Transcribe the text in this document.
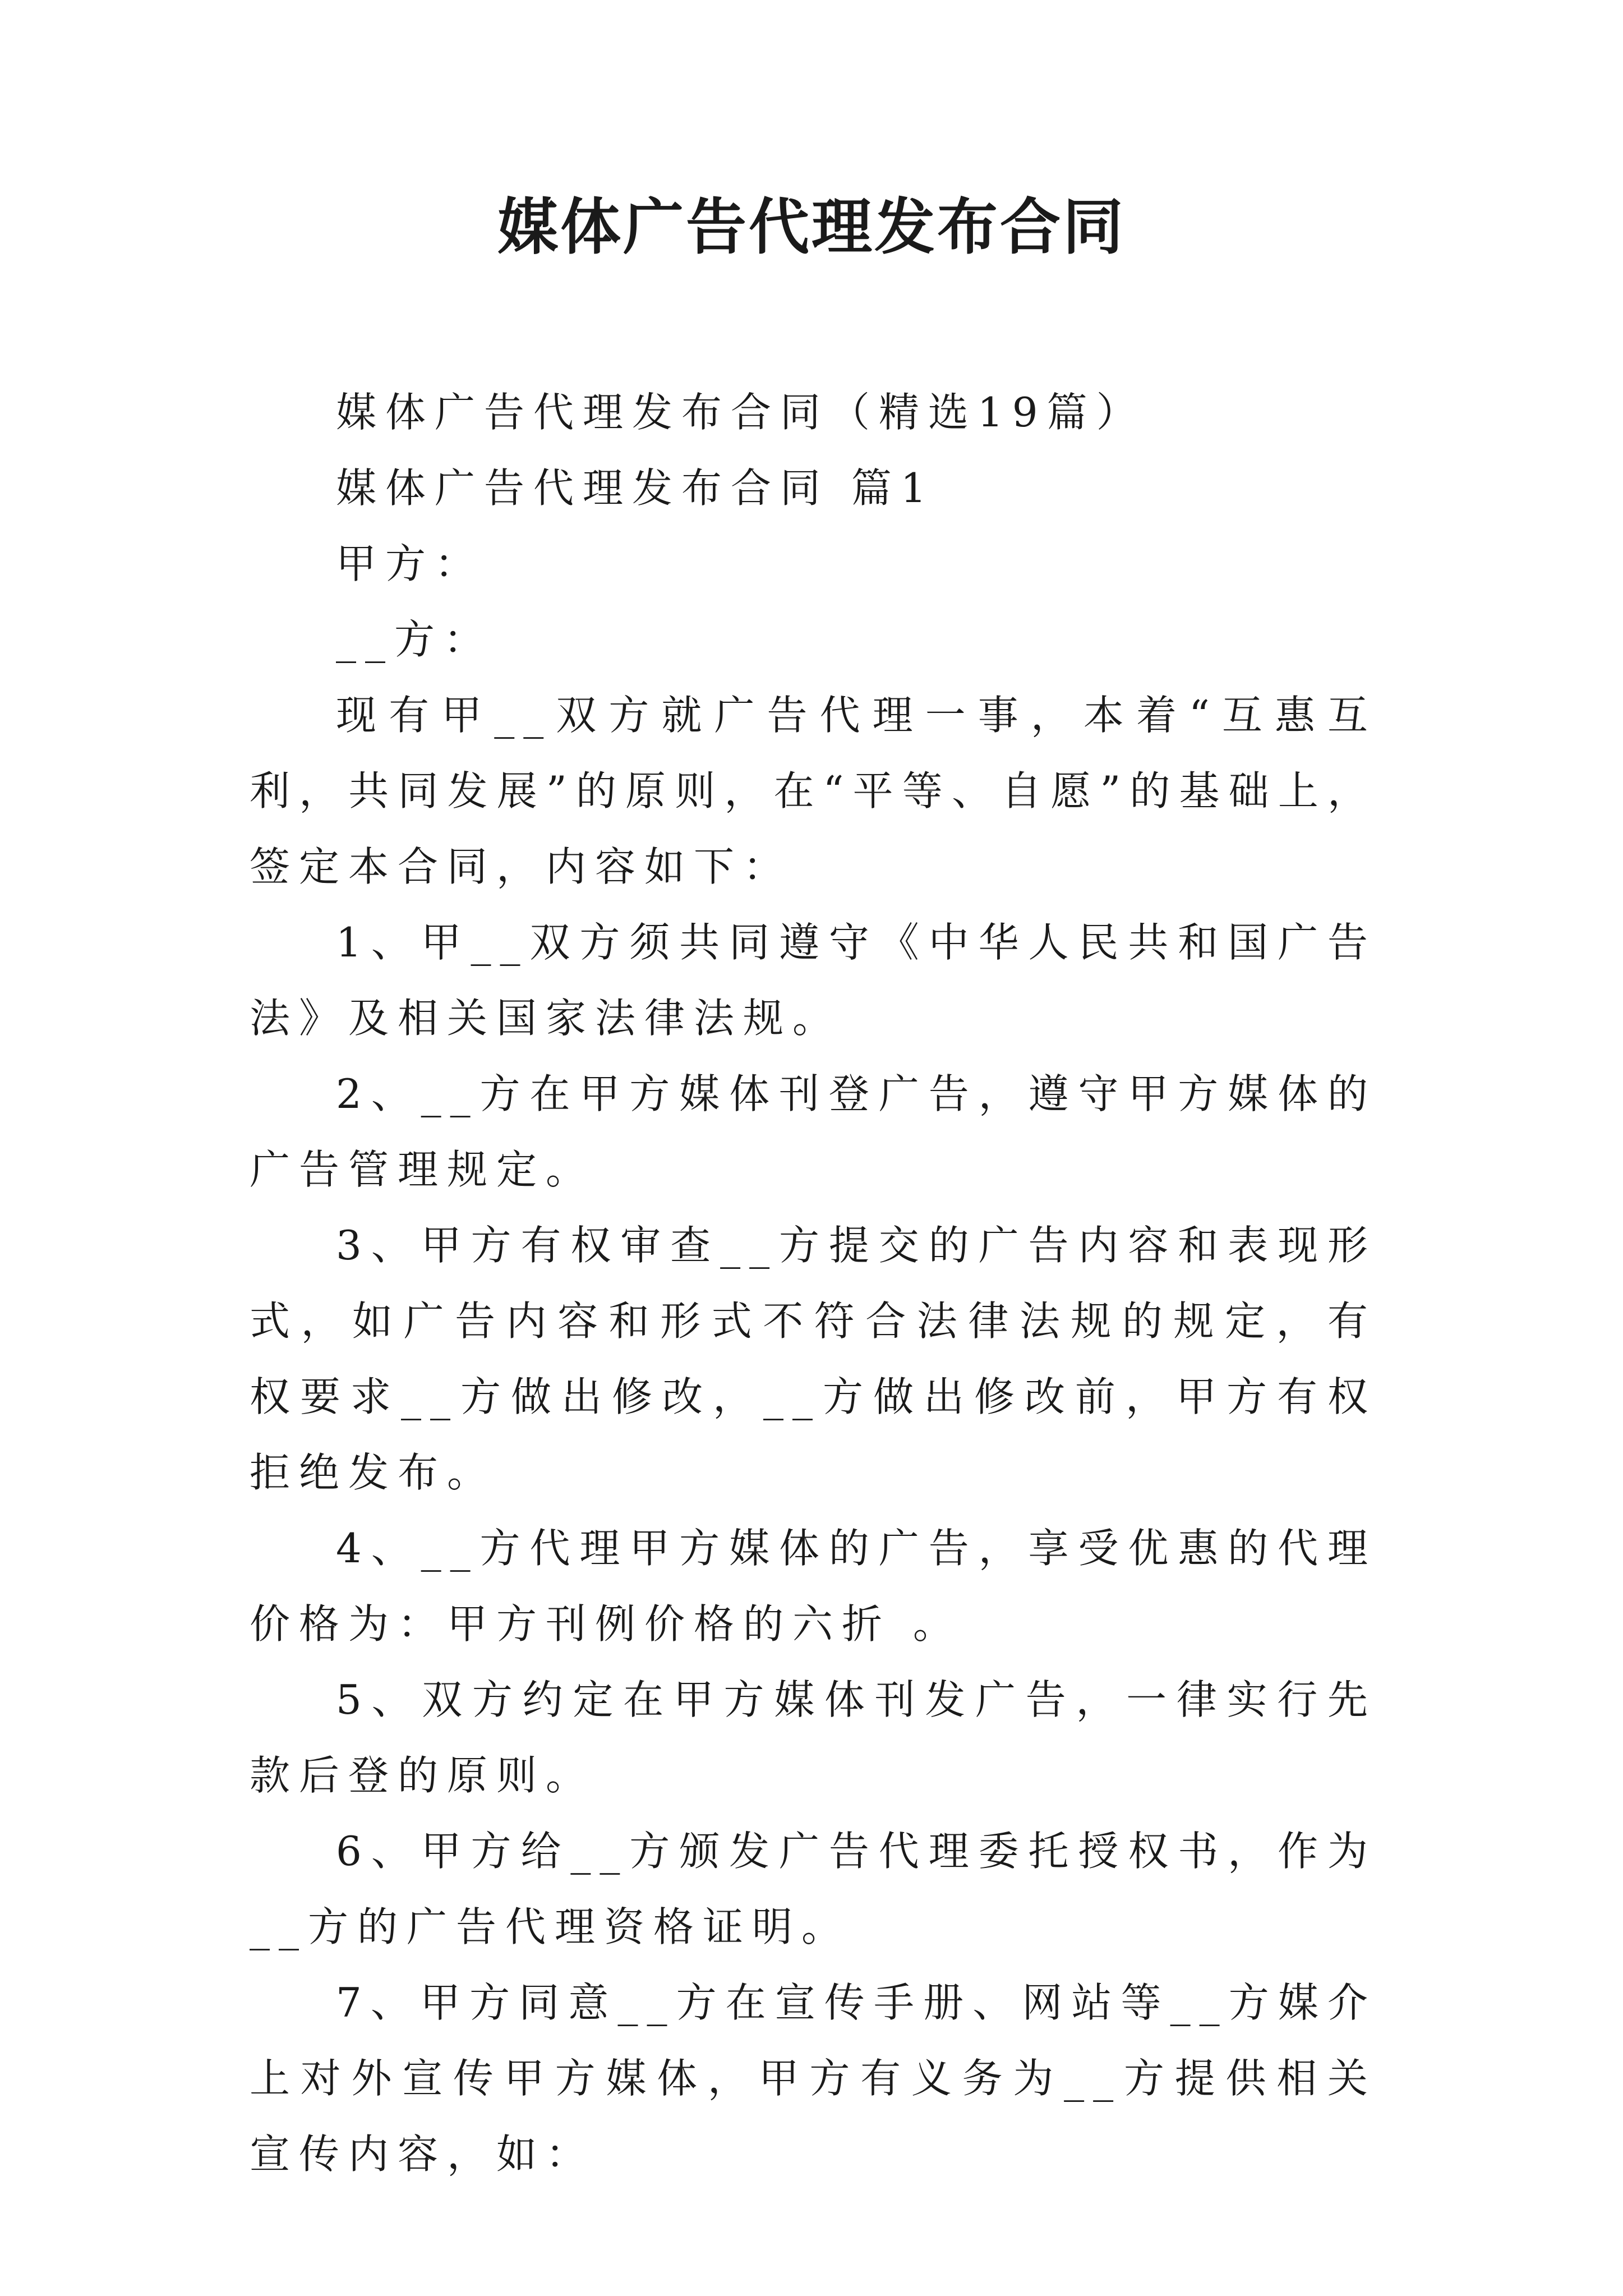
媒体广告代理发布合同

媒体广告代理发布合同（精选19篇）

媒体广告代理发布合同 篇1

甲方：

__方：

现有甲__双方就广告代理一事，本着“互惠互利，共同发展”的原则，在“平等、自愿”的基础上，签定本合同，内容如下：

1、甲__双方须共同遵守《中华人民共和国广告法》及相关国家法律法规。

2、__方在甲方媒体刊登广告，遵守甲方媒体的广告管理规定。

3、甲方有权审查__方提交的广告内容和表现形式，如广告内容和形式不符合法律法规的规定，有权要求__方做出修改，__方做出修改前，甲方有权拒绝发布。

4、__方代理甲方媒体的广告，享受优惠的代理价格为：甲方刊例价格的六折 。

5、双方约定在甲方媒体刊发广告，一律实行先款后登的原则。

6、甲方给__方颁发广告代理委托授权书，作为__方的广告代理资格证明。

7、甲方同意__方在宣传手册、网站等__方媒介上对外宣传甲方媒体，甲方有义务为__方提供相关宣传内容，如：
